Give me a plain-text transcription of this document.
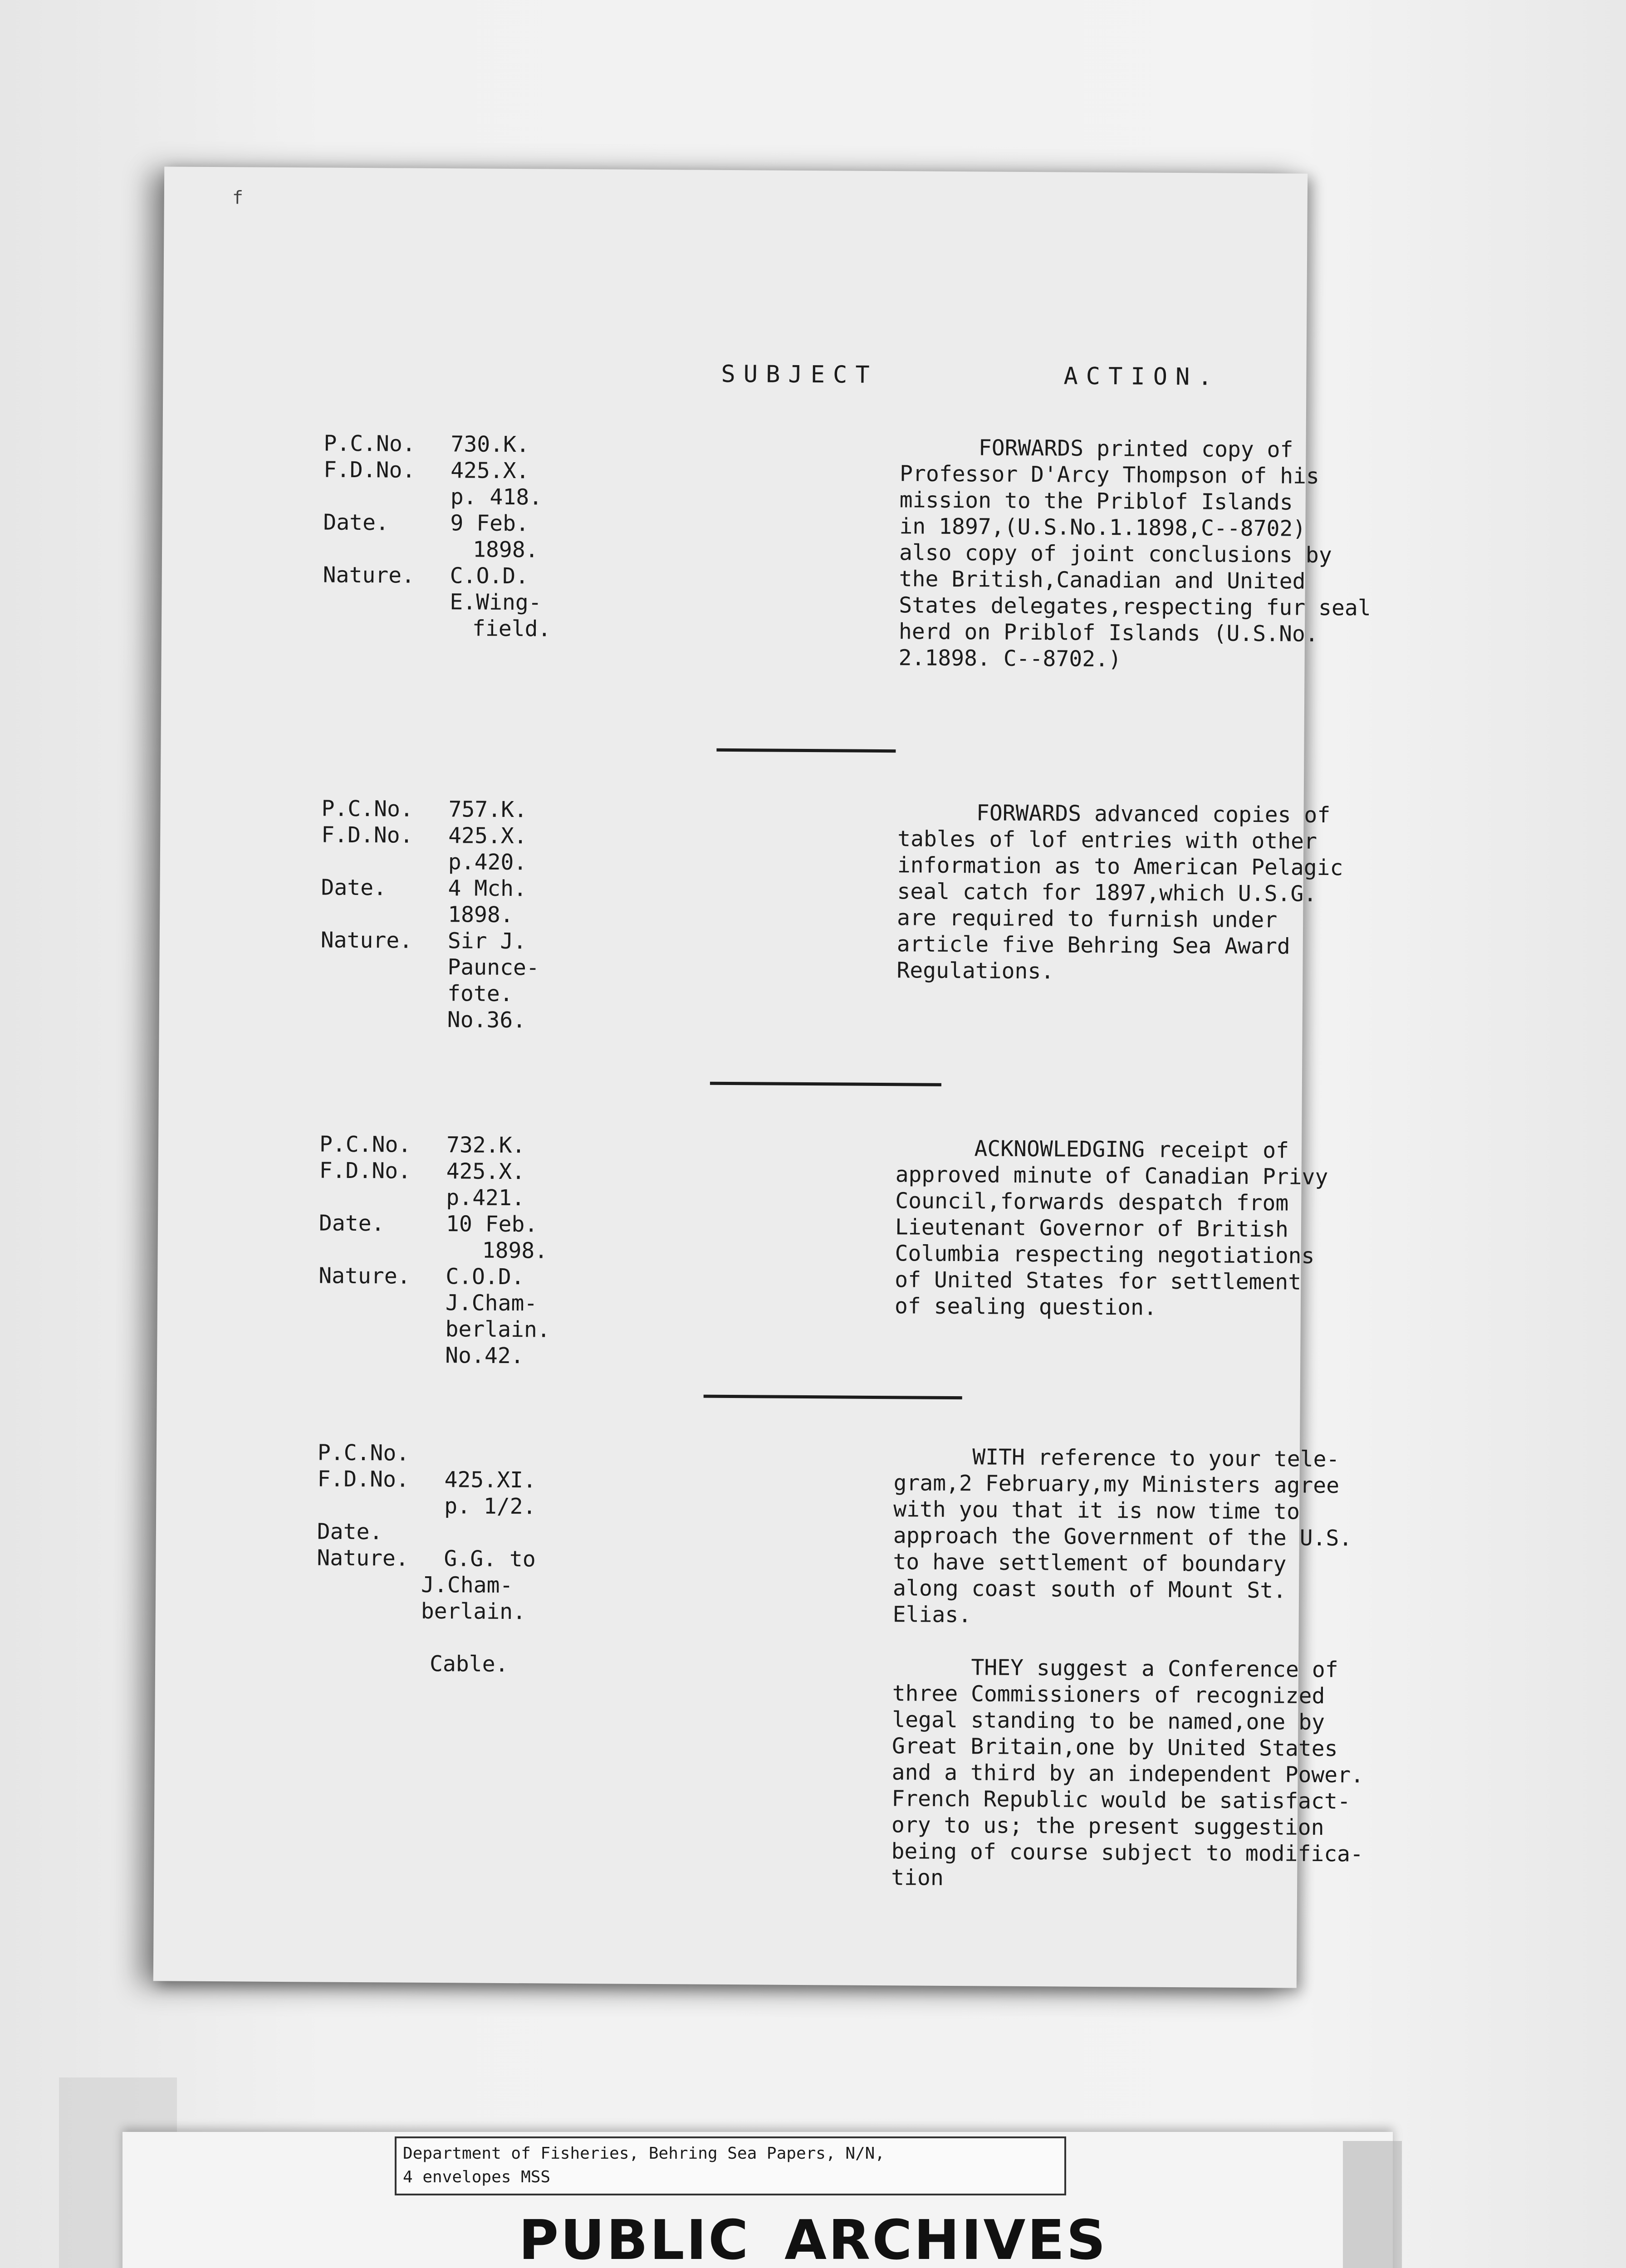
f
SUBJECT	ACTION.
P.C.No. 730.K.
F.D.No. 425.X.
p. 418.
Date.	9 Feb.
1898.
Nature. C.O.D.
E.Wing-
field.

FORWARDS printed copy of

Professor D'Arcy Thompson of his

mission to the Priblof Islands

in 1897,(U.S.No.1.1898,C--8702)

also copy of joint conclusions by

the British,Canadian and United

States delegates,respecting fur seal

herd on Priblof Islands (U.S.No.

2.1898. C--8702.)

P.C.No. 757.K.
F.D.No. 425.X.
p.420.
Date.	4 Mch.
1898.
Nature. Sir J.
Paunce-
fote.
No.36.

FORWARDS advanced copies of

tables of lof entries with other

information as to American Pelagic

seal catch for 1897,which U.S.G.

are required to furnish under

article five Behring Sea Award

Regulations.

P.C.No. 732.K.
F.D.No. 425.X.
p.421.
Date.	10 Feb.
1898.
Nature. C.O.D.
J.Cham-
berlain.
No.42.

ACKNOWLEDGING receipt of

approved minute of Canadian Privy

Council,forwards despatch from

Lieutenant Governor of British

Columbia respecting negotiations

of United States for settlement

of sealing question.

P.C.No.
F.D.No. 425.XI.
p. 1/2.
Date.
Nature. G.G. to
J.Cham-
berlain.
Cable.

WITH reference to your tele-

gram,2 February,my Ministers agree

with you that it is now time to

approach the Government of the U.S.

to have settlement of boundary

along coast south of Mount St.

Elias.

THEY suggest a Conference of

three Commissioners of recognized

legal standing to be named,one by

Great Britain,one by United States

and a third by an independent Power.

French Republic would be satisfact-

ory to us; the present suggestion

being of course subject to modifica-

tion

Department of Fisheries, Behring Sea Papers, N/N,

4 envelopes MSS

PUBLIC ARCHIVES
